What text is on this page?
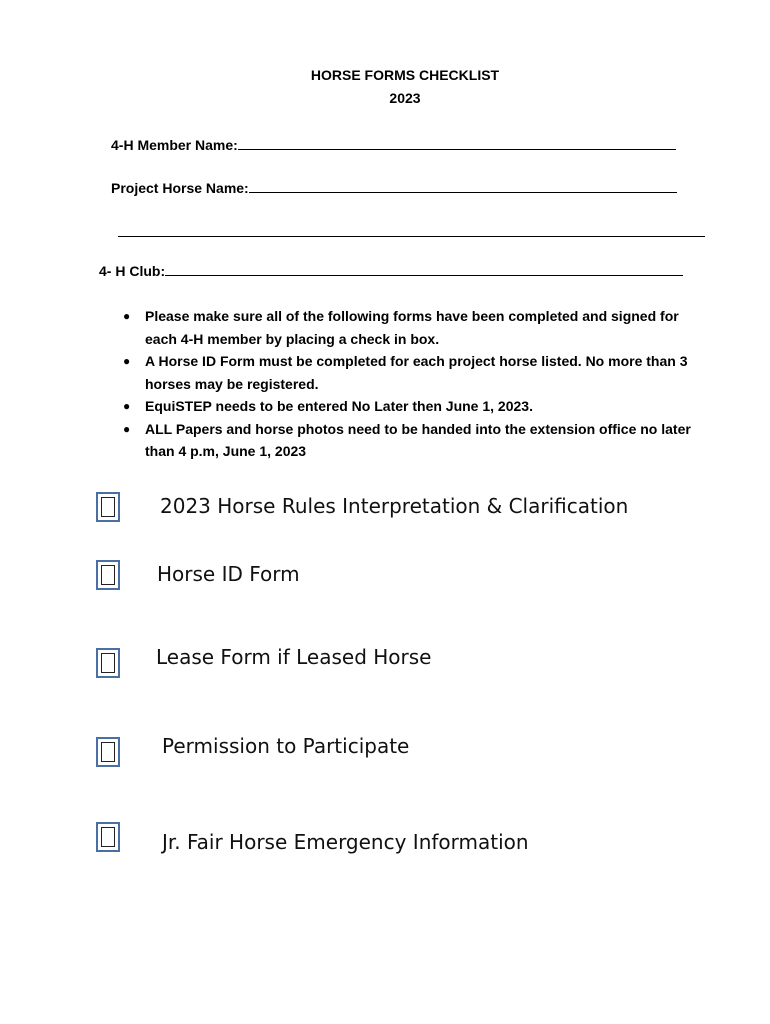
HORSE FORMS CHECKLIST
2023
4-H Member Name:
Project Horse Name:
4- H Club:
● Please make sure all of the following forms have been completed and signed for each 4-H member by placing a check in box.
● A Horse ID Form must be completed for each project horse listed. No more than 3 horses may be registered.
● EquiSTEP needs to be entered No Later then June 1, 2023.
● ALL Papers and horse photos need to be handed into the extension office no later than 4 p.m, June 1, 2023
2023 Horse Rules Interpretation & Clarification
Horse ID Form
Lease Form if Leased Horse
Permission to Participate
Jr. Fair Horse Emergency Information
